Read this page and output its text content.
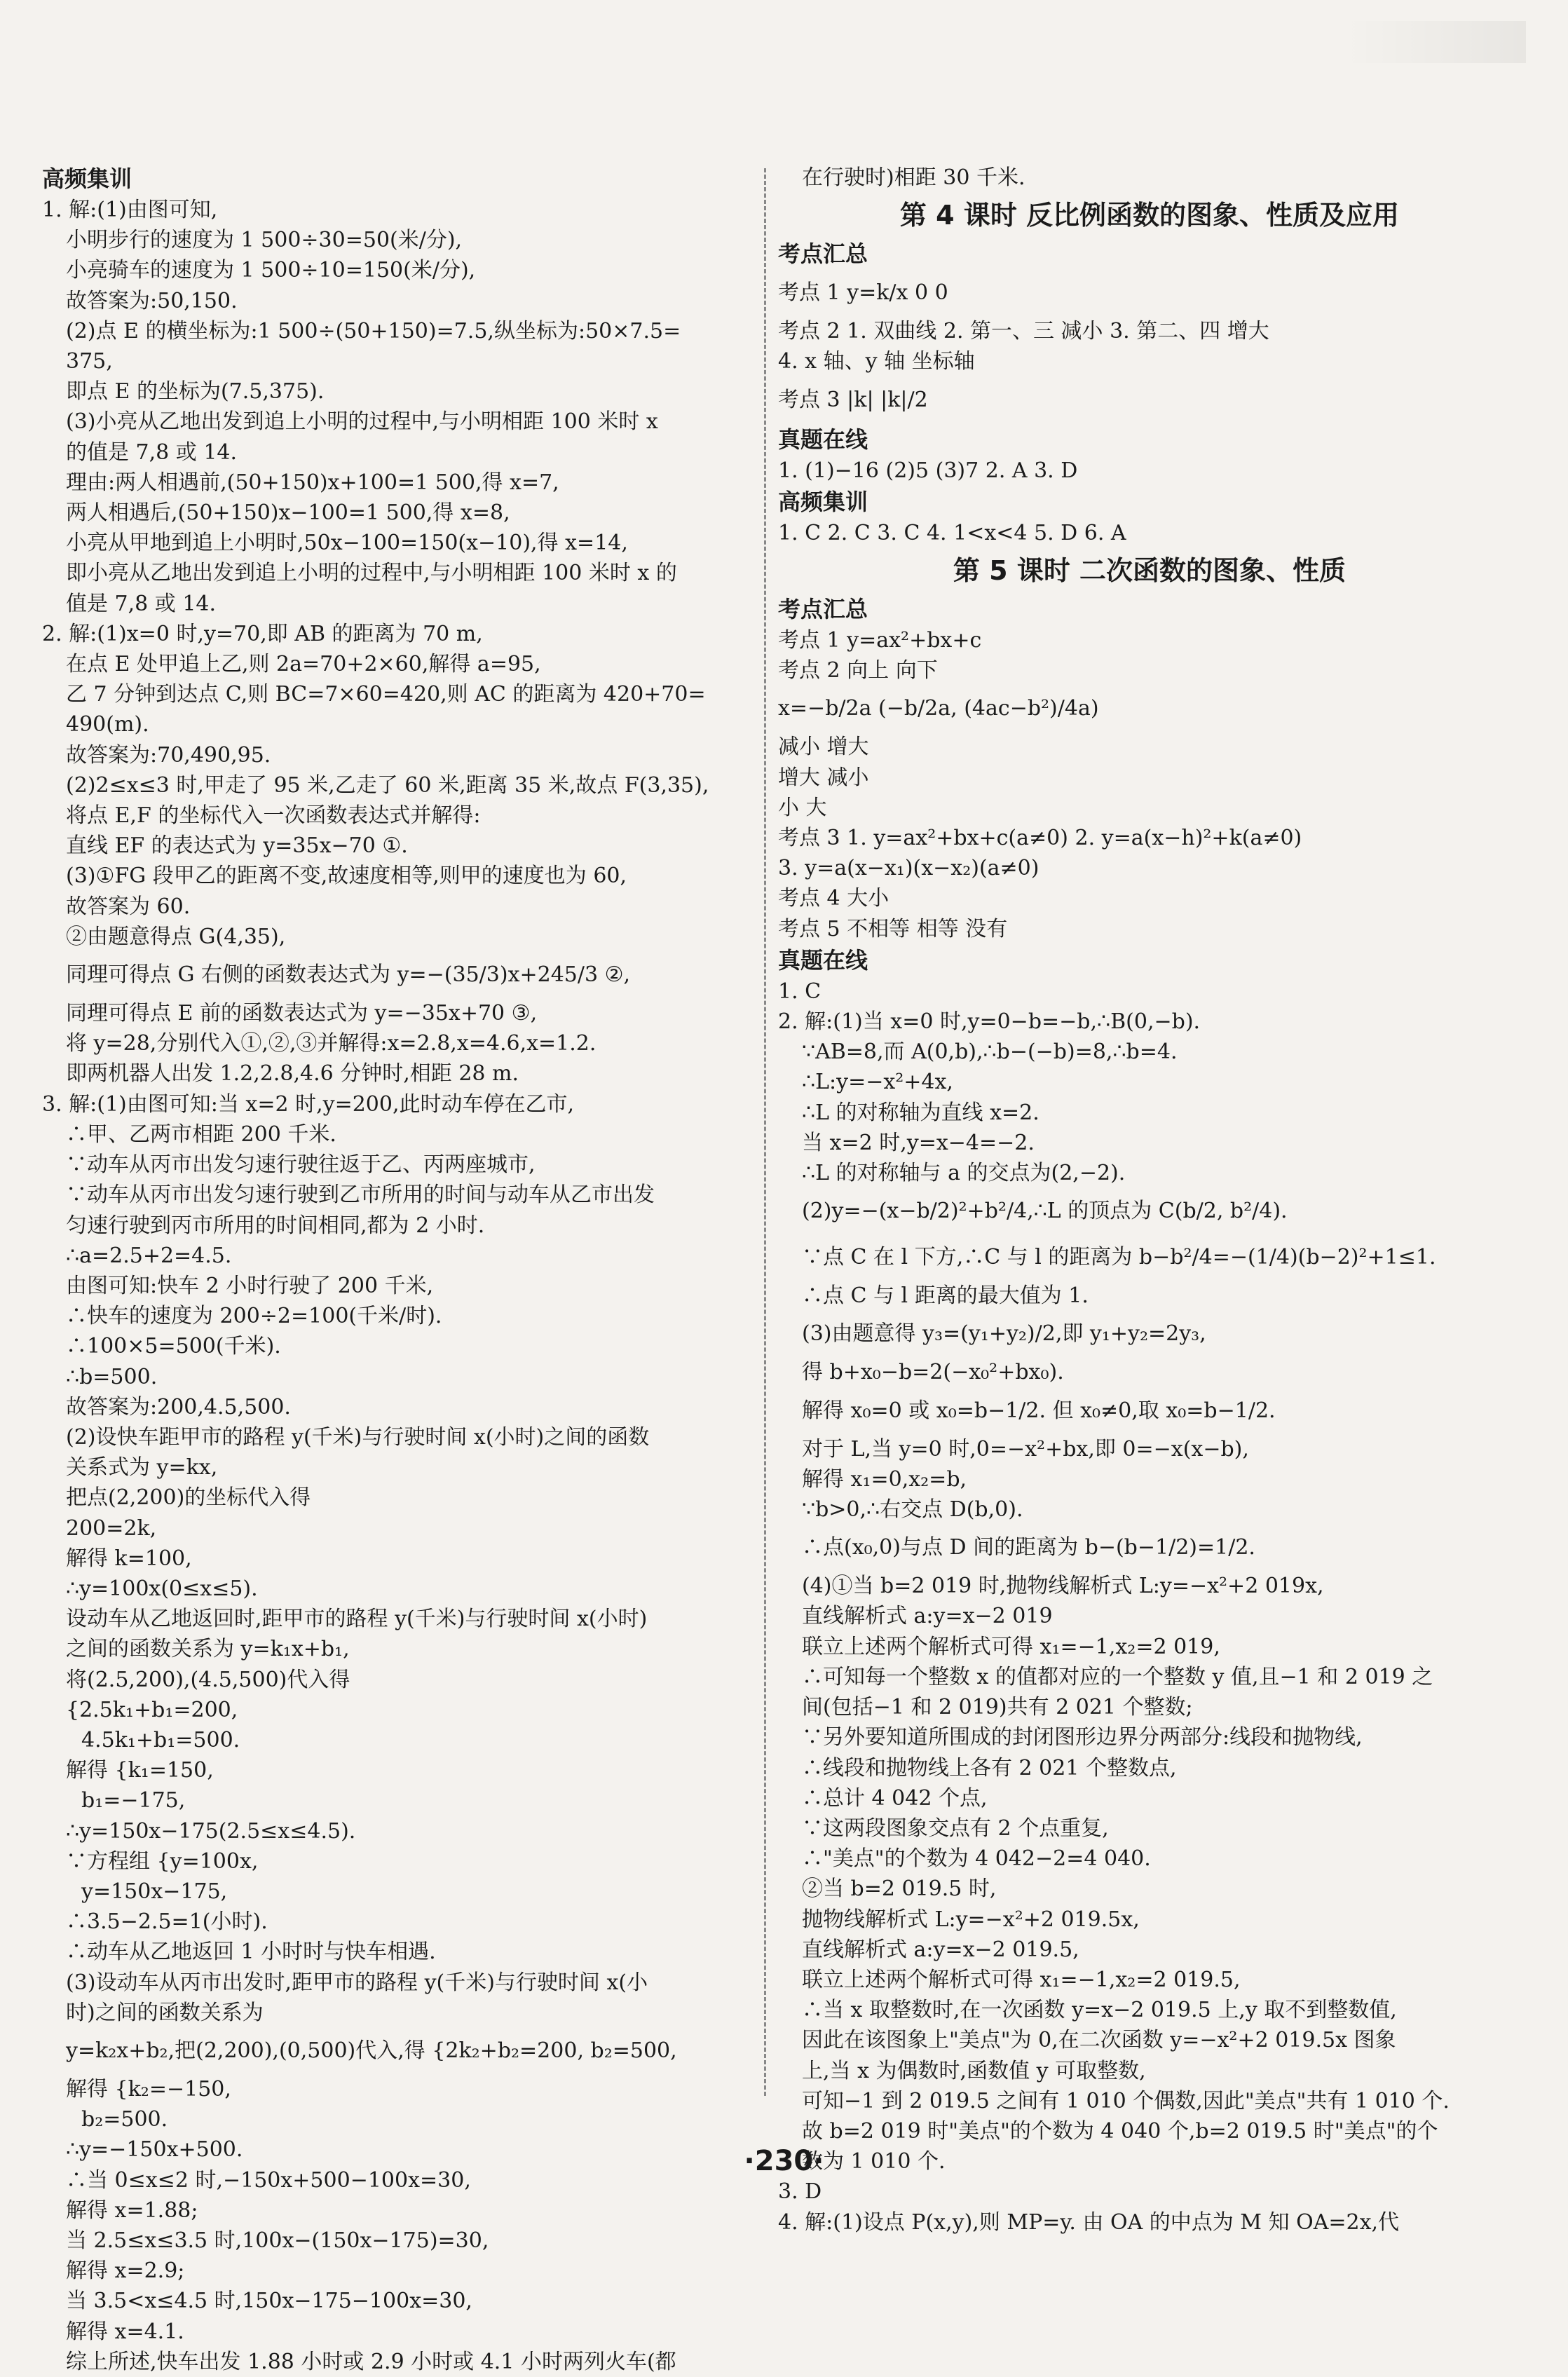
高频集训
1. 解:(1)由图可知,
小明步行的速度为 1 500÷30=50(米/分),
小亮骑车的速度为 1 500÷10=150(米/分),
故答案为:50,150.
(2)点 E 的横坐标为:1 500÷(50+150)=7.5,纵坐标为:50×7.5=
375,
即点 E 的坐标为(7.5,375).
(3)小亮从乙地出发到追上小明的过程中,与小明相距 100 米时 x
的值是 7,8 或 14.
理由:两人相遇前,(50+150)x+100=1 500,得 x=7,
两人相遇后,(50+150)x−100=1 500,得 x=8,
小亮从甲地到追上小明时,50x−100=150(x−10),得 x=14,
即小亮从乙地出发到追上小明的过程中,与小明相距 100 米时 x 的
值是 7,8 或 14.
2. 解:(1)x=0 时,y=70,即 AB 的距离为 70 m,
在点 E 处甲追上乙,则 2a=70+2×60,解得 a=95,
乙 7 分钟到达点 C,则 BC=7×60=420,则 AC 的距离为 420+70=
490(m).
故答案为:70,490,95.
(2)2≤x≤3 时,甲走了 95 米,乙走了 60 米,距离 35 米,故点 F(3,35),
将点 E,F 的坐标代入一次函数表达式并解得:
直线 EF 的表达式为 y=35x−70 ①.
(3)①FG 段甲乙的距离不变,故速度相等,则甲的速度也为 60,
故答案为 60.
②由题意得点 G(4,35),
同理可得点 G 右侧的函数表达式为 y=−(35/3)x+245/3 ②,
同理可得点 E 前的函数表达式为 y=−35x+70 ③,
将 y=28,分别代入①,②,③并解得:x=2.8,x=4.6,x=1.2.
即两机器人出发 1.2,2.8,4.6 分钟时,相距 28 m.
3. 解:(1)由图可知:当 x=2 时,y=200,此时动车停在乙市,
∴甲、乙两市相距 200 千米.
∵动车从丙市出发匀速行驶往返于乙、丙两座城市,
∵动车从丙市出发匀速行驶到乙市所用的时间与动车从乙市出发
匀速行驶到丙市所用的时间相同,都为 2 小时.
∴a=2.5+2=4.5.
由图可知:快车 2 小时行驶了 200 千米,
∴快车的速度为 200÷2=100(千米/时).
∴100×5=500(千米).
∴b=500.
故答案为:200,4.5,500.
(2)设快车距甲市的路程 y(千米)与行驶时间 x(小时)之间的函数
关系式为 y=kx,
把点(2,200)的坐标代入得
200=2k,
解得 k=100,
∴y=100x(0≤x≤5).
设动车从乙地返回时,距甲市的路程 y(千米)与行驶时间 x(小时)
之间的函数关系为 y=k₁x+b₁,
将(2.5,200),(4.5,500)代入得
{2.5k₁+b₁=200,
4.5k₁+b₁=500.
解得 {k₁=150,
b₁=−175,
∴y=150x−175(2.5≤x≤4.5).
∵方程组 {y=100x,
y=150x−175,
∴3.5−2.5=1(小时).
∴动车从乙地返回 1 小时时与快车相遇.
(3)设动车从丙市出发时,距甲市的路程 y(千米)与行驶时间 x(小
时)之间的函数关系为
y=k₂x+b₂,把(2,200),(0,500)代入,得 {2k₂+b₂=200, b₂=500,
解得 {k₂=−150,
b₂=500.
∴y=−150x+500.
∴当 0≤x≤2 时,−150x+500−100x=30,
解得 x=1.88;
当 2.5≤x≤3.5 时,100x−(150x−175)=30,
解得 x=2.9;
当 3.5<x≤4.5 时,150x−175−100x=30,
解得 x=4.1.
综上所述,快车出发 1.88 小时或 2.9 小时或 4.1 小时两列火车(都
在行驶时)相距 30 千米.
第 4 课时 反比例函数的图象、性质及应用
考点汇总
考点 1 y=k/x 0 0
考点 2 1. 双曲线 2. 第一、三 减小 3. 第二、四 增大
4. x 轴、y 轴 坐标轴
考点 3 |k| |k|/2
真题在线
1. (1)−16 (2)5 (3)7 2. A 3. D
高频集训
1. C 2. C 3. C 4. 1<x<4 5. D 6. A
第 5 课时 二次函数的图象、性质
考点汇总
考点 1 y=ax²+bx+c
考点 2 向上 向下
x=−b/2a (−b/2a, (4ac−b²)/4a)
减小 增大
增大 减小
小 大
考点 3 1. y=ax²+bx+c(a≠0) 2. y=a(x−h)²+k(a≠0)
3. y=a(x−x₁)(x−x₂)(a≠0)
考点 4 大小
考点 5 不相等 相等 没有
真题在线
1. C
2. 解:(1)当 x=0 时,y=0−b=−b,∴B(0,−b).
∵AB=8,而 A(0,b),∴b−(−b)=8,∴b=4.
∴L:y=−x²+4x,
∴L 的对称轴为直线 x=2.
当 x=2 时,y=x−4=−2.
∴L 的对称轴与 a 的交点为(2,−2).
(2)y=−(x−b/2)²+b²/4,∴L 的顶点为 C(b/2, b²/4).
∵点 C 在 l 下方,∴C 与 l 的距离为 b−b²/4=−(1/4)(b−2)²+1≤1.
∴点 C 与 l 距离的最大值为 1.
(3)由题意得 y₃=(y₁+y₂)/2,即 y₁+y₂=2y₃,
得 b+x₀−b=2(−x₀²+bx₀).
解得 x₀=0 或 x₀=b−1/2. 但 x₀≠0,取 x₀=b−1/2.
对于 L,当 y=0 时,0=−x²+bx,即 0=−x(x−b),
解得 x₁=0,x₂=b,
∵b>0,∴右交点 D(b,0).
∴点(x₀,0)与点 D 间的距离为 b−(b−1/2)=1/2.
(4)①当 b=2 019 时,抛物线解析式 L:y=−x²+2 019x,
直线解析式 a:y=x−2 019
联立上述两个解析式可得 x₁=−1,x₂=2 019,
∴可知每一个整数 x 的值都对应的一个整数 y 值,且−1 和 2 019 之
间(包括−1 和 2 019)共有 2 021 个整数;
∵另外要知道所围成的封闭图形边界分两部分:线段和抛物线,
∴线段和抛物线上各有 2 021 个整数点,
∴总计 4 042 个点,
∵这两段图象交点有 2 个点重复,
∴"美点"的个数为 4 042−2=4 040.
②当 b=2 019.5 时,
抛物线解析式 L:y=−x²+2 019.5x,
直线解析式 a:y=x−2 019.5,
联立上述两个解析式可得 x₁=−1,x₂=2 019.5,
∴当 x 取整数时,在一次函数 y=x−2 019.5 上,y 取不到整数值,
因此在该图象上"美点"为 0,在二次函数 y=−x²+2 019.5x 图象
上,当 x 为偶数时,函数值 y 可取整数,
可知−1 到 2 019.5 之间有 1 010 个偶数,因此"美点"共有 1 010 个.
故 b=2 019 时"美点"的个数为 4 040 个,b=2 019.5 时"美点"的个
数为 1 010 个.
3. D
4. 解:(1)设点 P(x,y),则 MP=y. 由 OA 的中点为 M 知 OA=2x,代
·230·
